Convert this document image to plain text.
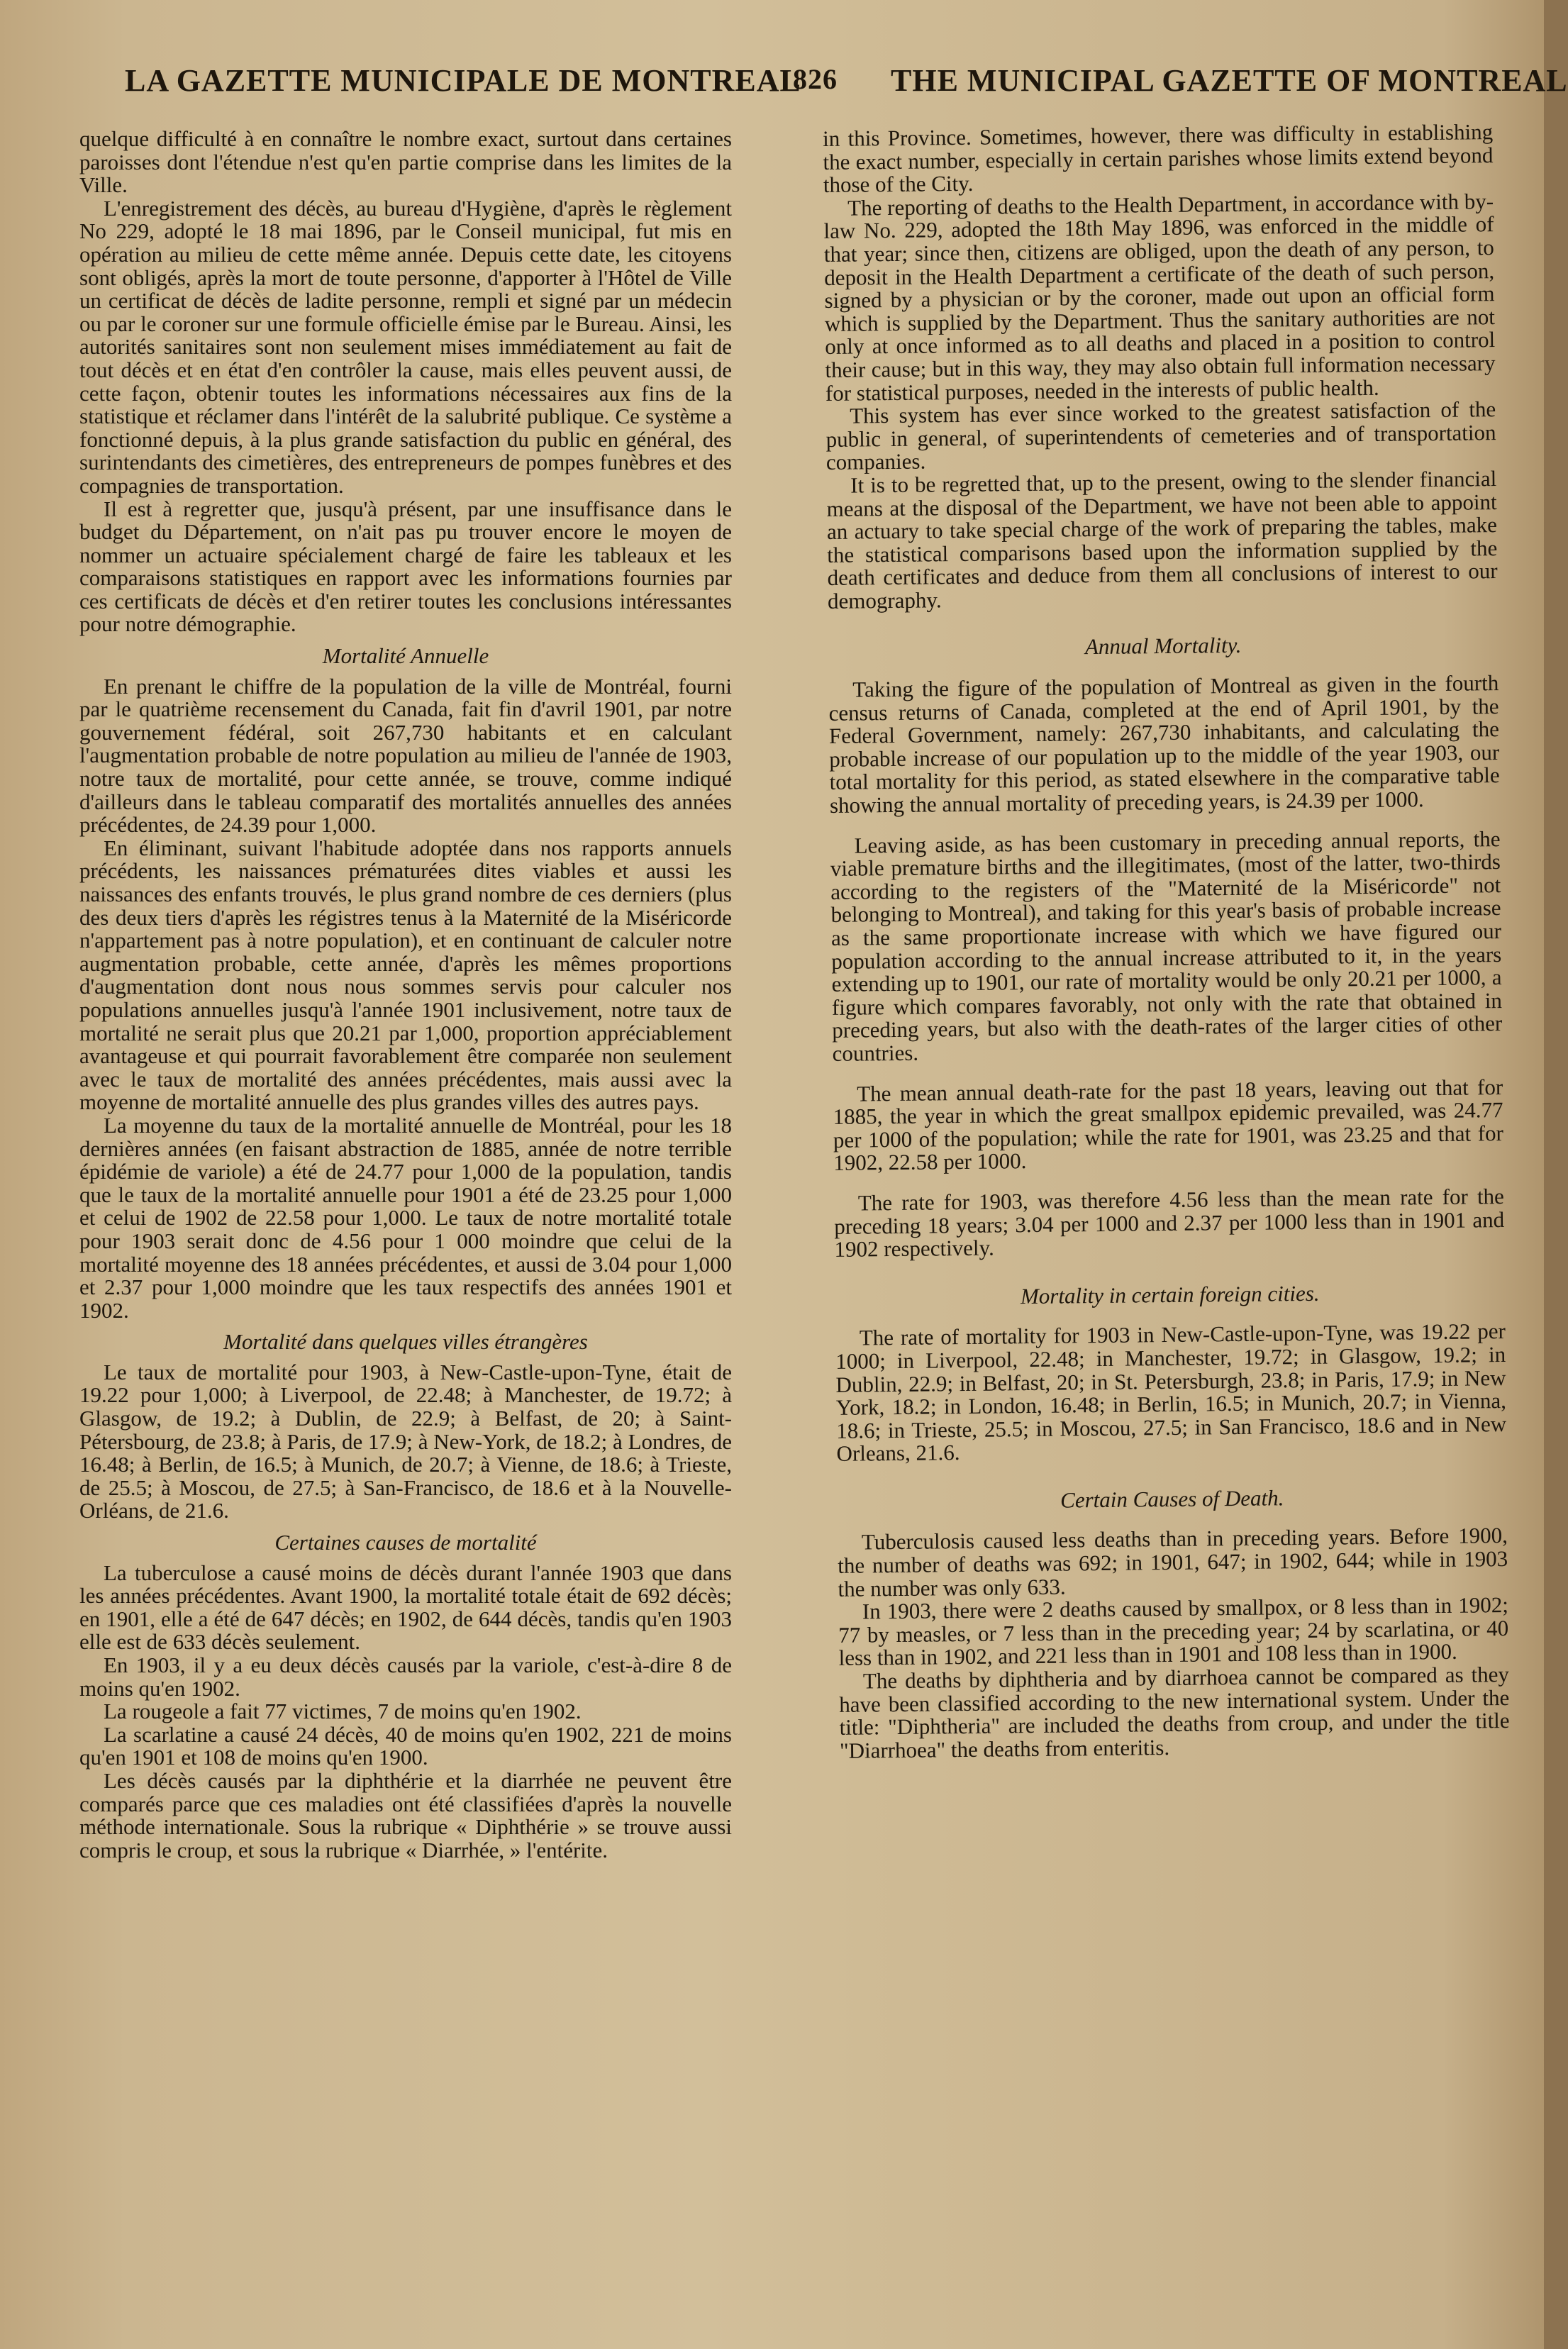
LA GAZETTE MUNICIPALE DE MONTREAL
826 THE MUNICIPAL GAZETTE OF MONTREAL

quelque difficulté à en connaître le nombre exact, surtout dans certaines paroisses dont l'étendue n'est qu'en partie comprise dans les limites de la Ville.

L'enregistrement des décès, au bureau d'Hygiène, d'après le règlement No 229, adopté le 18 mai 1896, par le Conseil municipal, fut mis en opération au milieu de cette même année. Depuis cette date, les citoyens sont obligés, après la mort de toute personne, d'apporter à l'Hôtel de Ville un certificat de décès de ladite personne, rempli et signé par un médecin ou par le coroner sur une formule officielle émise par le Bureau. Ainsi, les autorités sanitaires sont non seulement mises immédiatement au fait de tout décès et en état d'en contrôler la cause, mais elles peuvent aussi, de cette façon, obtenir toutes les informations nécessaires aux fins de la statistique et réclamer dans l'intérêt de la salubrité publique. Ce système a fonctionné depuis, à la plus grande satisfaction du public en général, des surintendants des cimetières, des entrepreneurs de pompes funèbres et des compagnies de transportation.

Il est à regretter que, jusqu'à présent, par une insuffisance dans le budget du Département, on n'ait pas pu trouver encore le moyen de nommer un actuaire spécialement chargé de faire les tableaux et les comparaisons statistiques en rapport avec les informations fournies par ces certificats de décès et d'en retirer toutes les conclusions intéressantes pour notre démographie.

Mortalité Annuelle

En prenant le chiffre de la population de la ville de Montréal, fourni par le quatrième recensement du Canada, fait fin d'avril 1901, par notre gouvernement fédéral, soit 267,730 habitants et en calculant l'augmentation probable de notre population au milieu de l'année de 1903, notre taux de mortalité, pour cette année, se trouve, comme indiqué d'ailleurs dans le tableau comparatif des mortalités annuelles des années précédentes, de 24.39 pour 1,000.

En éliminant, suivant l'habitude adoptée dans nos rapports annuels précédents, les naissances prématurées dites viables et aussi les naissances des enfants trouvés, le plus grand nombre de ces derniers (plus des deux tiers d'après les régistres tenus à la Maternité de la Miséricorde n'appartement pas à notre population), et en continuant de calculer notre augmentation probable, cette année, d'après les mêmes proportions d'augmentation dont nous nous sommes servis pour calculer nos populations annuelles jusqu'à l'année 1901 inclusivement, notre taux de mortalité ne serait plus que 20.21 par 1,000, proportion appréciablement avantageuse et qui pourrait favorablement être comparée non seulement avec le taux de mortalité des années précédentes, mais aussi avec la moyenne de mortalité annuelle des plus grandes villes des autres pays.

La moyenne du taux de la mortalité annuelle de Montréal, pour les 18 dernières années (en faisant abstraction de 1885, année de notre terrible épidémie de variole) a été de 24.77 pour 1,000 de la population, tandis que le taux de la mortalité annuelle pour 1901 a été de 23.25 pour 1,000 et celui de 1902 de 22.58 pour 1,000. Le taux de notre mortalité totale pour 1903 serait donc de 4.56 pour 1 000 moindre que celui de la mortalité moyenne des 18 années précédentes, et aussi de 3.04 pour 1,000 et 2.37 pour 1,000 moindre que les taux respectifs des années 1901 et 1902.

Mortalité dans quelques villes étrangères

Le taux de mortalité pour 1903, à New-Castle-upon-Tyne, était de 19.22 pour 1,000; à Liverpool, de 22.48; à Manchester, de 19.72; à Glasgow, de 19.2; à Dublin, de 22.9; à Belfast, de 20; à Saint-Pétersbourg, de 23.8; à Paris, de 17.9; à New-York, de 18.2; à Londres, de 16.48; à Berlin, de 16.5; à Munich, de 20.7; à Vienne, de 18.6; à Trieste, de 25.5; à Moscou, de 27.5; à San-Francisco, de 18.6 et à la Nouvelle-Orléans, de 21.6.

Certaines causes de mortalité

La tuberculose a causé moins de décès durant l'année 1903 que dans les années précédentes. Avant 1900, la mortalité totale était de 692 décès; en 1901, elle a été de 647 décès; en 1902, de 644 décès, tandis qu'en 1903 elle est de 633 décès seulement.

En 1903, il y a eu deux décès causés par la variole, c'est-à-dire 8 de moins qu'en 1902.

La rougeole a fait 77 victimes, 7 de moins qu'en 1902.

La scarlatine a causé 24 décès, 40 de moins qu'en 1902, 221 de moins qu'en 1901 et 108 de moins qu'en 1900.

Les décès causés par la diphthérie et la diarrhée ne peuvent être comparés parce que ces maladies ont été classifiées d'après la nouvelle méthode internationale. Sous la rubrique « Diphthérie » se trouve aussi compris le croup, et sous la rubrique « Diarrhée, » l'entérite.

in this Province. Sometimes, however, there was difficulty in establishing the exact number, especially in certain parishes whose limits extend beyond those of the City.

The reporting of deaths to the Health Department, in accordance with by-law No. 229, adopted the 18th May 1896, was enforced in the middle of that year; since then, citizens are obliged, upon the death of any person, to deposit in the Health Department a certificate of the death of such person, signed by a physician or by the coroner, made out upon an official form which is supplied by the Department. Thus the sanitary authorities are not only at once informed as to all deaths and placed in a position to control their cause; but in this way, they may also obtain full information necessary for statistical purposes, needed in the interests of public health.

This system has ever since worked to the greatest satisfaction of the public in general, of superintendents of cemeteries and of transportation companies.

It is to be regretted that, up to the present, owing to the slender financial means at the disposal of the Department, we have not been able to appoint an actuary to take special charge of the work of preparing the tables, make the statistical comparisons based upon the information supplied by the death certificates and deduce from them all conclusions of interest to our demography.

Annual Mortality.

Taking the figure of the population of Montreal as given in the fourth census returns of Canada, completed at the end of April 1901, by the Federal Government, namely: 267,730 inhabitants, and calculating the probable increase of our population up to the middle of the year 1903, our total mortality for this period, as stated elsewhere in the comparative table showing the annual mortality of preceding years, is 24.39 per 1000.

Leaving aside, as has been customary in preceding annual reports, the viable premature births and the illegitimates, (most of the latter, two-thirds according to the registers of the "Maternité de la Miséricorde" not belonging to Montreal), and taking for this year's basis of probable increase as the same proportionate increase with which we have figured our population according to the annual increase attributed to it, in the years extending up to 1901, our rate of mortality would be only 20.21 per 1000, a figure which compares favorably, not only with the rate that obtained in preceding years, but also with the death-rates of the larger cities of other countries.

The mean annual death-rate for the past 18 years, leaving out that for 1885, the year in which the great smallpox epidemic prevailed, was 24.77 per 1000 of the population; while the rate for 1901, was 23.25 and that for 1902, 22.58 per 1000.

The rate for 1903, was therefore 4.56 less than the mean rate for the preceding 18 years; 3.04 per 1000 and 2.37 per 1000 less than in 1901 and 1902 respectively.

Mortality in certain foreign cities.

The rate of mortality for 1903 in New-Castle-upon-Tyne, was 19.22 per 1000; in Liverpool, 22.48; in Manchester, 19.72; in Glasgow, 19.2; in Dublin, 22.9; in Belfast, 20; in St. Petersburgh, 23.8; in Paris, 17.9; in New York, 18.2; in London, 16.48; in Berlin, 16.5; in Munich, 20.7; in Vienna, 18.6; in Trieste, 25.5; in Moscou, 27.5; in San Francisco, 18.6 and in New Orleans, 21.6.

Certain Causes of Death.

Tuberculosis caused less deaths than in preceding years. Before 1900, the number of deaths was 692; in 1901, 647; in 1902, 644; while in 1903 the number was only 633.

In 1903, there were 2 deaths caused by smallpox, or 8 less than in 1902; 77 by measles, or 7 less than in the preceding year; 24 by scarlatina, or 40 less than in 1902, and 221 less than in 1901 and 108 less than in 1900.

The deaths by diphtheria and by diarrhoea cannot be compared as they have been classified according to the new international system. Under the title: "Diphtheria" are included the deaths from croup, and under the title "Diarrhoea" the deaths from enteritis.
